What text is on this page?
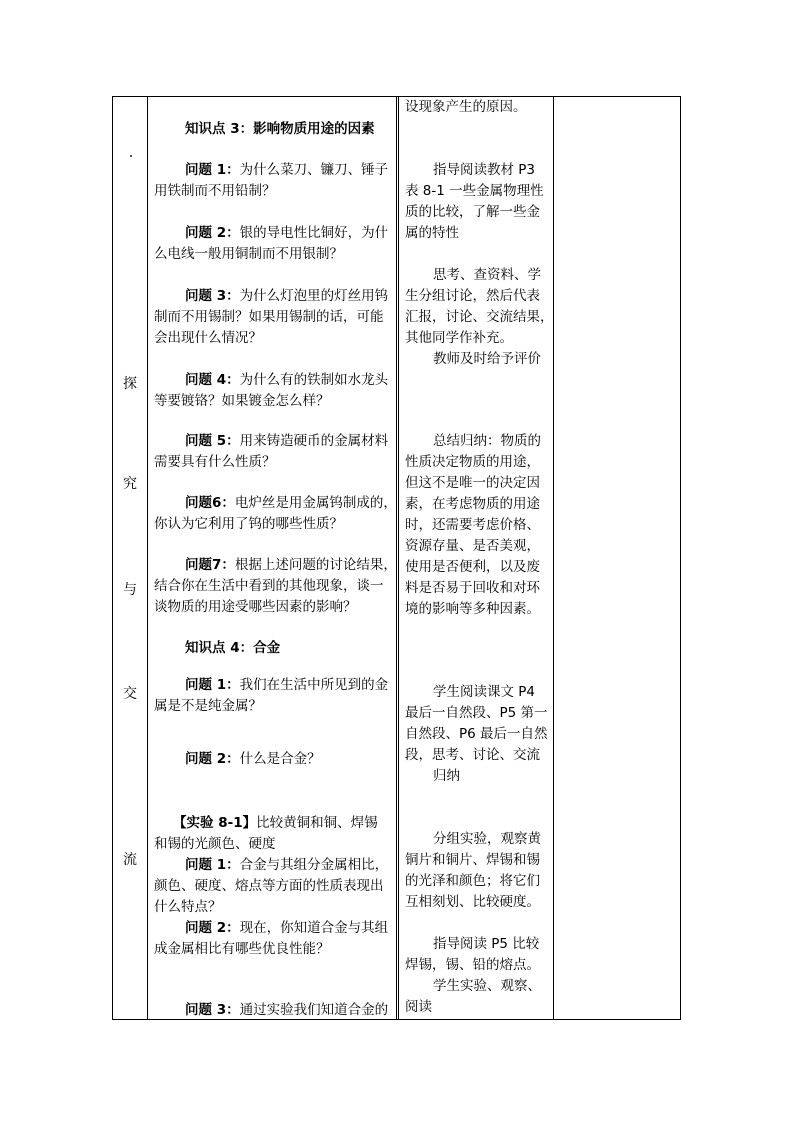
探
究
与
交
流
知识点 3：影响物质用途的因素
问题 1：为什么菜刀、镰刀、锤子
用铁制而不用铅制？
问题 2：银的导电性比铜好，为什
么电线一般用铜制而不用银制？
问题 3：为什么灯泡里的灯丝用钨
制而不用锡制？如果用锡制的话，可能
会出现什么情况？
问题 4：为什么有的铁制如水龙头
等要镀铬？如果镀金怎么样？
问题 5：用来铸造硬币的金属材料
需要具有什么性质？
问题6：电炉丝是用金属钨制成的，
你认为它利用了钨的哪些性质？
问题7：根据上述问题的讨论结果，
结合你在生活中看到的其他现象，谈一
谈物质的用途受哪些因素的影响？
知识点 4：合金
问题 1：我们在生活中所见到的金
属是不是纯金属？
问题 2：什么是合金？
【实验 8-1】比较黄铜和铜、焊锡
和锡的光颜色、硬度
问题 1：合金与其组分金属相比，
颜色、硬度、熔点等方面的性质表现出
什么特点？
问题 2：现在，你知道合金与其组
成金属相比有哪些优良性能？
问题 3：通过实验我们知道合金的
设现象产生的原因。
指导阅读教材 P3
表 8-1 一些金属物理性
质的比较，了解一些金
属的特性
思考、查资料、学
生分组讨论，然后代表
汇报，讨论、交流结果，
其他同学作补充。
教师及时给予评价
总结归纳：物质的
性质决定物质的用途，
但这不是唯一的决定因
素，在考虑物质的用途
时，还需要考虑价格、
资源存量、是否美观，
使用是否便利，以及废
料是否易于回收和对环
境的影响等多种因素。
学生阅读课文 P4
最后一自然段、P5 第一
自然段、P6 最后一自然
段，思考、讨论、交流
归纳
分组实验，观察黄
铜片和铜片、焊锡和锡
的光泽和颜色；将它们
互相刻划、比较硬度。
指导阅读 P5 比较
焊锡，锡、铅的熔点。
学生实验、观察、
阅读
